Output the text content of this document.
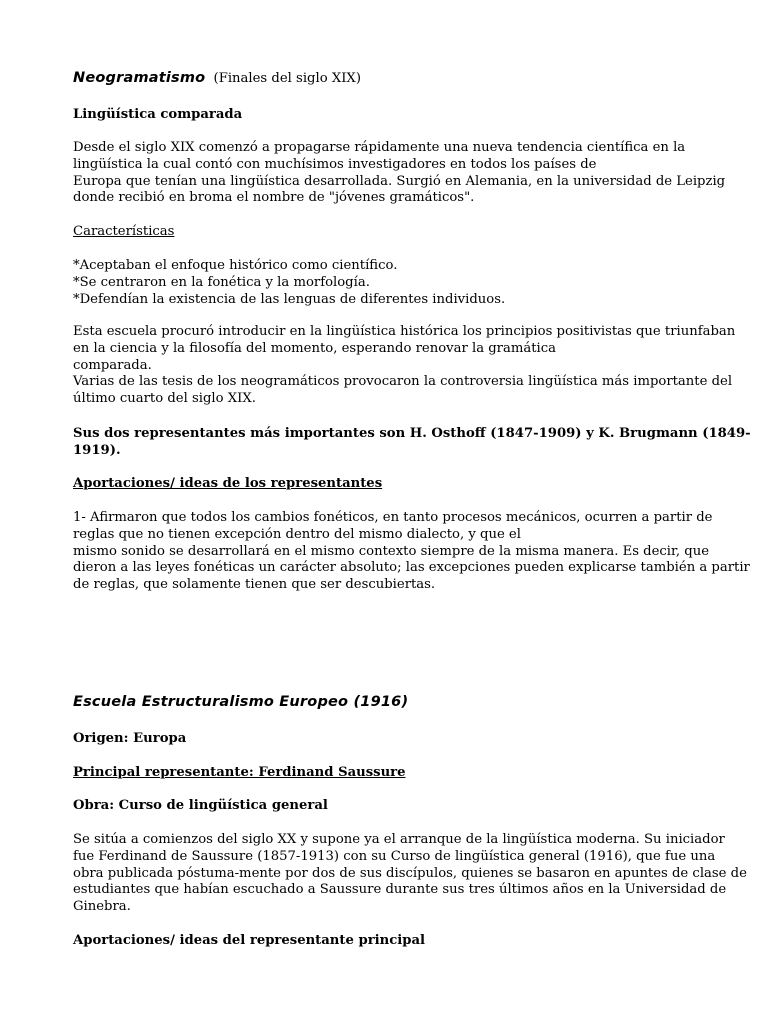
Neogramatismo (Finales del siglo XIX)
Lingüística comparada
Desde el siglo XIX comenzó a propagarse rápidamente una nueva tendencia científica en la
lingüística la cual contó con muchísimos investigadores en todos los países de
Europa que tenían una lingüística desarrollada. Surgió en Alemania, en la universidad de Leipzig
donde recibió en broma el nombre de "jóvenes gramáticos".
Características
*Aceptaban el enfoque histórico como científico.
*Se centraron en la fonética y la morfología.
*Defendían la existencia de las lenguas de diferentes individuos.
Esta escuela procuró introducir en la lingüística histórica los principios positivistas que triunfaban
en la ciencia y la filosofía del momento, esperando renovar la gramática
comparada.
Varias de las tesis de los neogramáticos provocaron la controversia lingüística más importante del
último cuarto del siglo XIX.
Sus dos representantes más importantes son H. Osthoff (1847-1909) y K. Brugmann (1849-
1919).
Aportaciones/ ideas de los representantes
1- Afirmaron que todos los cambios fonéticos, en tanto procesos mecánicos, ocurren a partir de
reglas que no tienen excepción dentro del mismo dialecto, y que el
mismo sonido se desarrollará en el mismo contexto siempre de la misma manera. Es decir, que
dieron a las leyes fonéticas un carácter absoluto; las excepciones pueden explicarse también a partir
de reglas, que solamente tienen que ser descubiertas.
Escuela Estructuralismo Europeo (1916)
Origen: Europa
Principal representante: Ferdinand Saussure
Obra: Curso de lingüística general
Se sitúa a comienzos del siglo XX y supone ya el arranque de la lingüística moderna. Su iniciador
fue Ferdinand de Saussure (1857-1913) con su Curso de lingüística general (1916), que fue una
obra publicada póstuma-mente por dos de sus discípulos, quienes se basaron en apuntes de clase de
estudiantes que habían escuchado a Saussure durante sus tres últimos años en la Universidad de
Ginebra.
Aportaciones/ ideas del representante principal
